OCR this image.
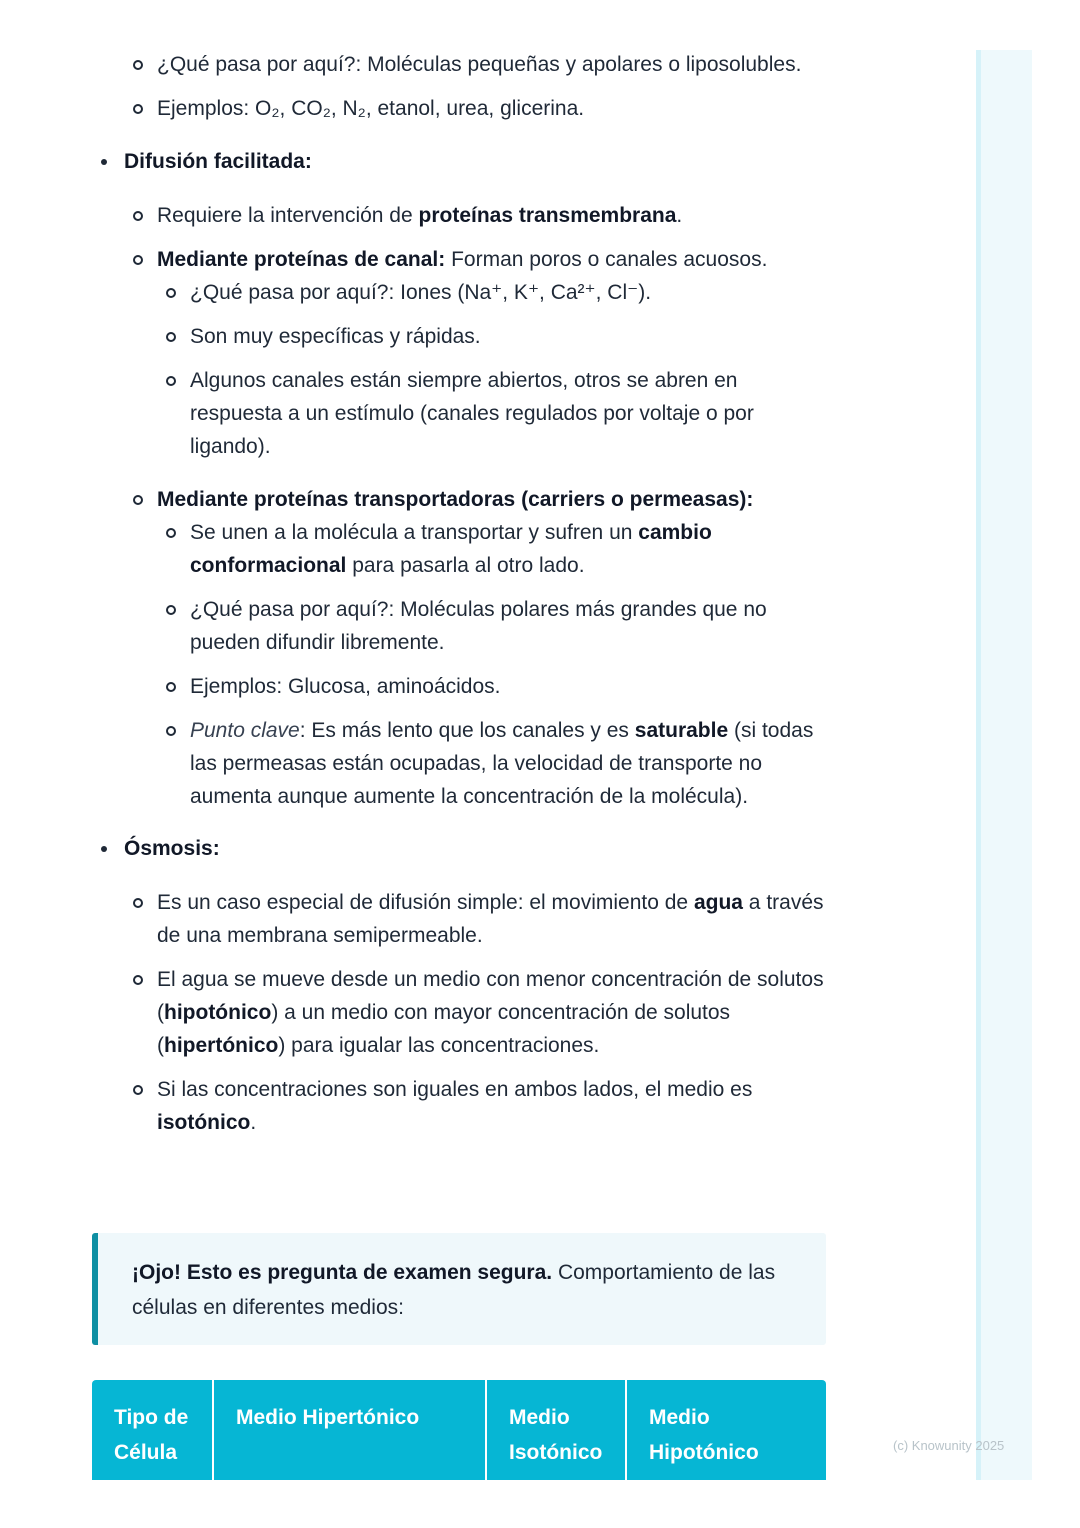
¿Qué pasa por aquí?: Moléculas pequeñas y apolares o liposolubles.
Ejemplos: O₂, CO₂, N₂, etanol, urea, glicerina.
Difusión facilitada:
Requiere la intervención de proteínas transmembrana.
Mediante proteínas de canal: Forman poros o canales acuosos.
¿Qué pasa por aquí?: Iones (Na⁺, K⁺, Ca²⁺, Cl⁻).
Son muy específicas y rápidas.
Algunos canales están siempre abiertos, otros se abren en respuesta a un estímulo (canales regulados por voltaje o por ligando).
Mediante proteínas transportadoras (carriers o permeasas):
Se unen a la molécula a transportar y sufren un cambio conformacional para pasarla al otro lado.
¿Qué pasa por aquí?: Moléculas polares más grandes que no pueden difundir libremente.
Ejemplos: Glucosa, aminoácidos.
Punto clave: Es más lento que los canales y es saturable (si todas las permeasas están ocupadas, la velocidad de transporte no aumenta aunque aumente la concentración de la molécula).
Ósmosis:
Es un caso especial de difusión simple: el movimiento de agua a través de una membrana semipermeable.
El agua se mueve desde un medio con menor concentración de solutos (hipotónico) a un medio con mayor concentración de solutos (hipertónico) para igualar las concentraciones.
Si las concentraciones son iguales en ambos lados, el medio es isotónico.
¡Ojo! Esto es pregunta de examen segura. Comportamiento de las células en diferentes medios:
Tipo de Célula
Medio Hipertónico	Medio Isotónico
Medio Hipotónico	(c) Knowunity 2025
